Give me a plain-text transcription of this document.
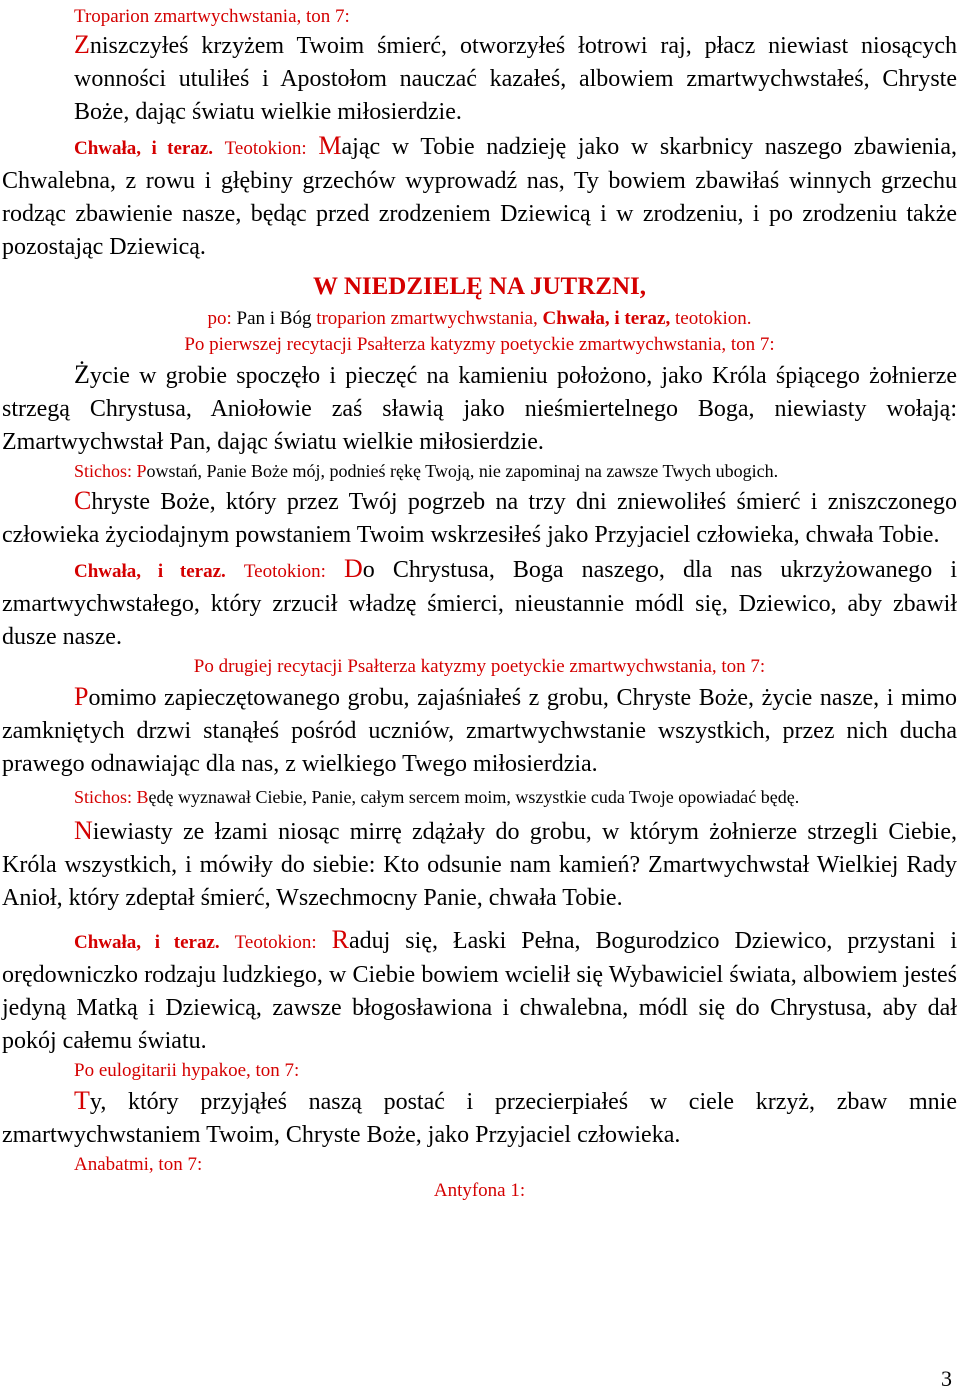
Troparion zmartwychwstania, ton 7:

Zniszczyłeś krzyżem Twoim śmierć, otworzyłeś łotrowi raj, płacz niewiast niosących wonności utuliłeś i Apostołom nauczać kazałeś, albowiem zmartwychwstałeś, Chryste Boże, dając światu wielkie miłosierdzie.

Chwała, i teraz. Teotokion: Mając w Tobie nadzieję jako w skarbnicy naszego zbawienia, Chwalebna, z rowu i głębiny grzechów wyprowadź nas, Ty bowiem zbawiłaś winnych grzechu rodząc zbawienie nasze, będąc przed zrodzeniem Dziewicą i w zrodzeniu, i po zrodzeniu także pozostając Dziewicą.

W NIEDZIELĘ NA JUTRZNI,

po: Pan i Bóg troparion zmartwychwstania, Chwała, i teraz, teotokion.

Po pierwszej recytacji Psałterza katyzmy poetyckie zmartwychwstania, ton 7:

Życie w grobie spoczęło i pieczęć na kamieniu położono, jako Króla śpiącego żołnierze strzegą Chrystusa, Aniołowie zaś sławią jako nieśmiertelnego Boga, niewiasty wołają: Zmartwychwstał Pan, dając światu wielkie miłosierdzie.

Stichos: Powstań, Panie Boże mój, podnieś rękę Twoją, nie zapominaj na zawsze Twych ubogich.

Chryste Boże, który przez Twój pogrzeb na trzy dni zniewoliłeś śmierć i zniszczonego człowieka życiodajnym powstaniem Twoim wskrzesiłeś jako Przyjaciel człowieka, chwała Tobie.

Chwała, i teraz. Teotokion: Do Chrystusa, Boga naszego, dla nas ukrzyżowanego i zmartwychwstałego, który zrzucił władzę śmierci, nieustannie módl się, Dziewico, aby zbawił dusze nasze.

Po drugiej recytacji Psałterza katyzmy poetyckie zmartwychwstania, ton 7:

Pomimo zapieczętowanego grobu, zajaśniałeś z grobu, Chryste Boże, życie nasze, i mimo zamkniętych drzwi stanąłeś pośród uczniów, zmartwychwstanie wszystkich, przez nich ducha prawego odnawiając dla nas, z wielkiego Twego miłosierdzia.

Stichos: Będę wyznawał Ciebie, Panie, całym sercem moim, wszystkie cuda Twoje opowiadać będę.

Niewiasty ze łzami niosąc mirrę zdążały do grobu, w którym żołnierze strzegli Ciebie, Króla wszystkich, i mówiły do siebie: Kto odsunie nam kamień? Zmartwychwstał Wielkiej Rady Anioł, który zdeptał śmierć, Wszechmocny Panie, chwała Tobie.

Chwała, i teraz. Teotokion: Raduj się, Łaski Pełna, Bogurodzico Dziewico, przystani i orędowniczko rodzaju ludzkiego, w Ciebie bowiem wcielił się Wybawiciel świata, albowiem jesteś jedyną Matką i Dziewicą, zawsze błogosławiona i chwalebna, módl się do Chrystusa, aby dał pokój całemu światu.

Po eulogitarii hypakoe, ton 7:

Ty, który przyjąłeś naszą postać i przecierpiałeś w ciele krzyż, zbaw mnie zmartwychwstaniem Twoim, Chryste Boże, jako Przyjaciel człowieka.

Anabatmi, ton 7:

Antyfona 1:

3
